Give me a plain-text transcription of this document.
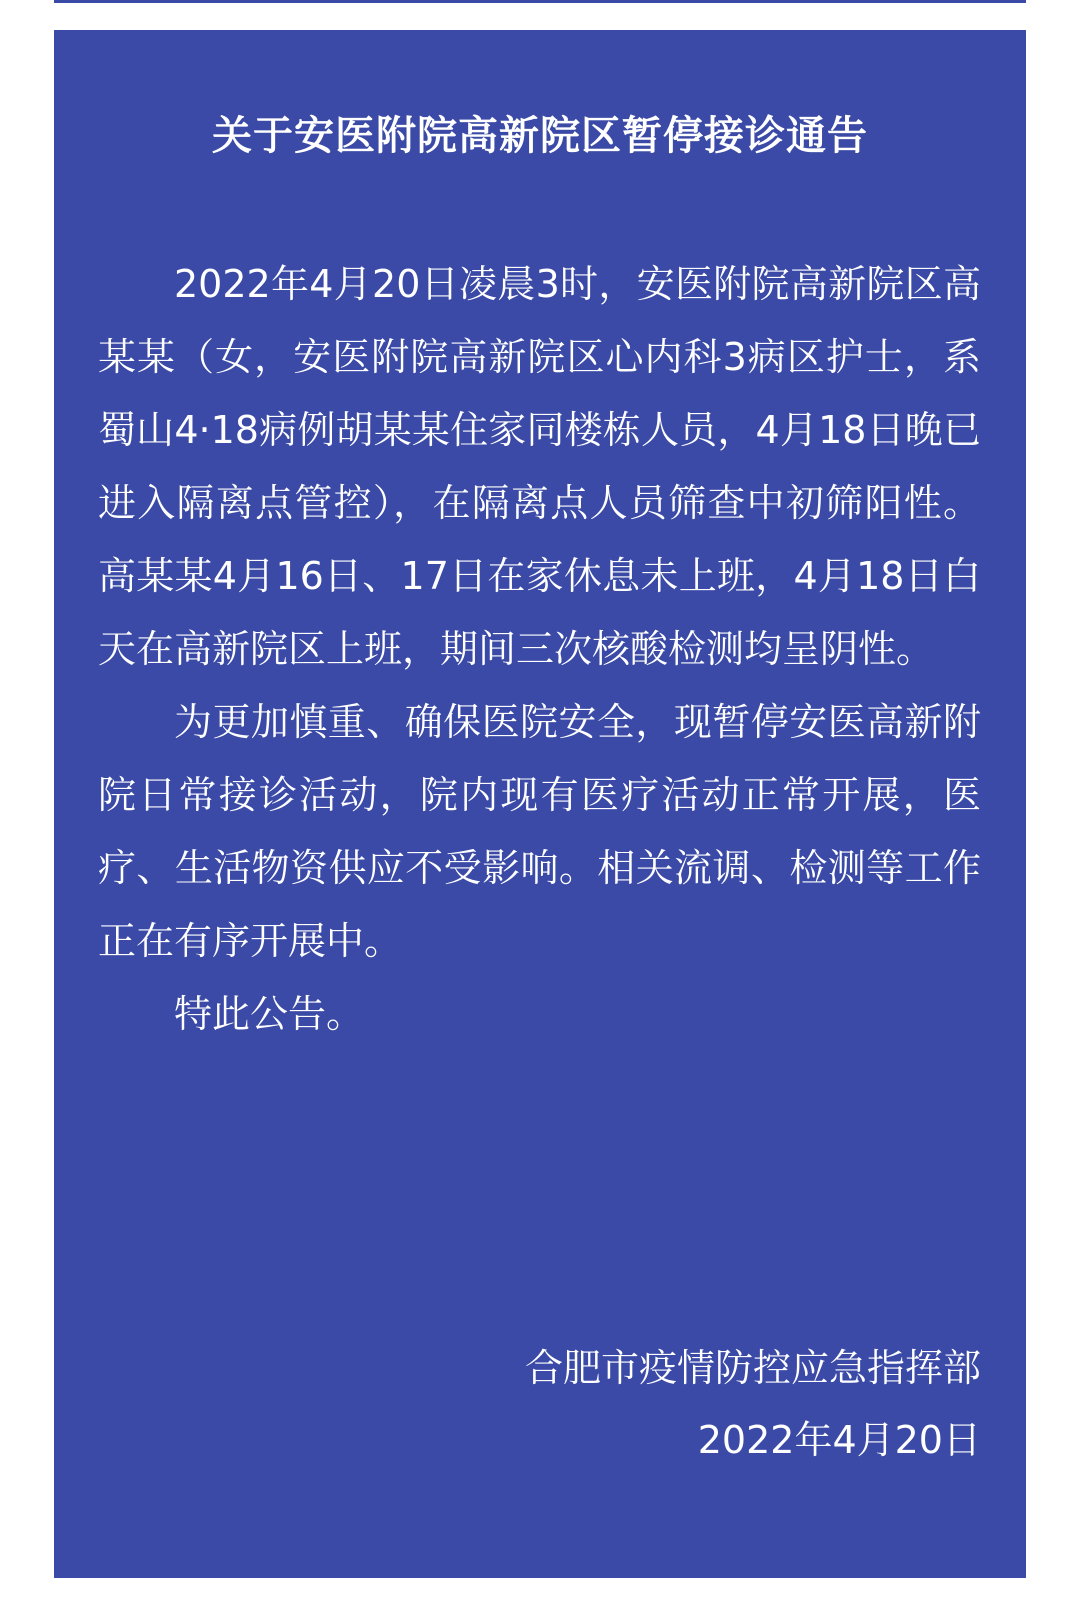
关于安医附院高新院区暂停接诊通告

2022年4月20日凌晨3时，安医附院高新院区高某某（女，安医附院高新院区心内科3病区护士，系蜀山4·18病例胡某某住家同楼栋人员，4月18日晚已进入隔离点管控），在隔离点人员筛查中初筛阳性。高某某4月16日、17日在家休息未上班，4月18日白天在高新院区上班，期间三次核酸检测均呈阴性。

为更加慎重、确保医院安全，现暂停安医高新附院日常接诊活动，院内现有医疗活动正常开展，医疗、生活物资供应不受影响。相关流调、检测等工作正在有序开展中。

特此公告。

合肥市疫情防控应急指挥部

2022年4月20日
